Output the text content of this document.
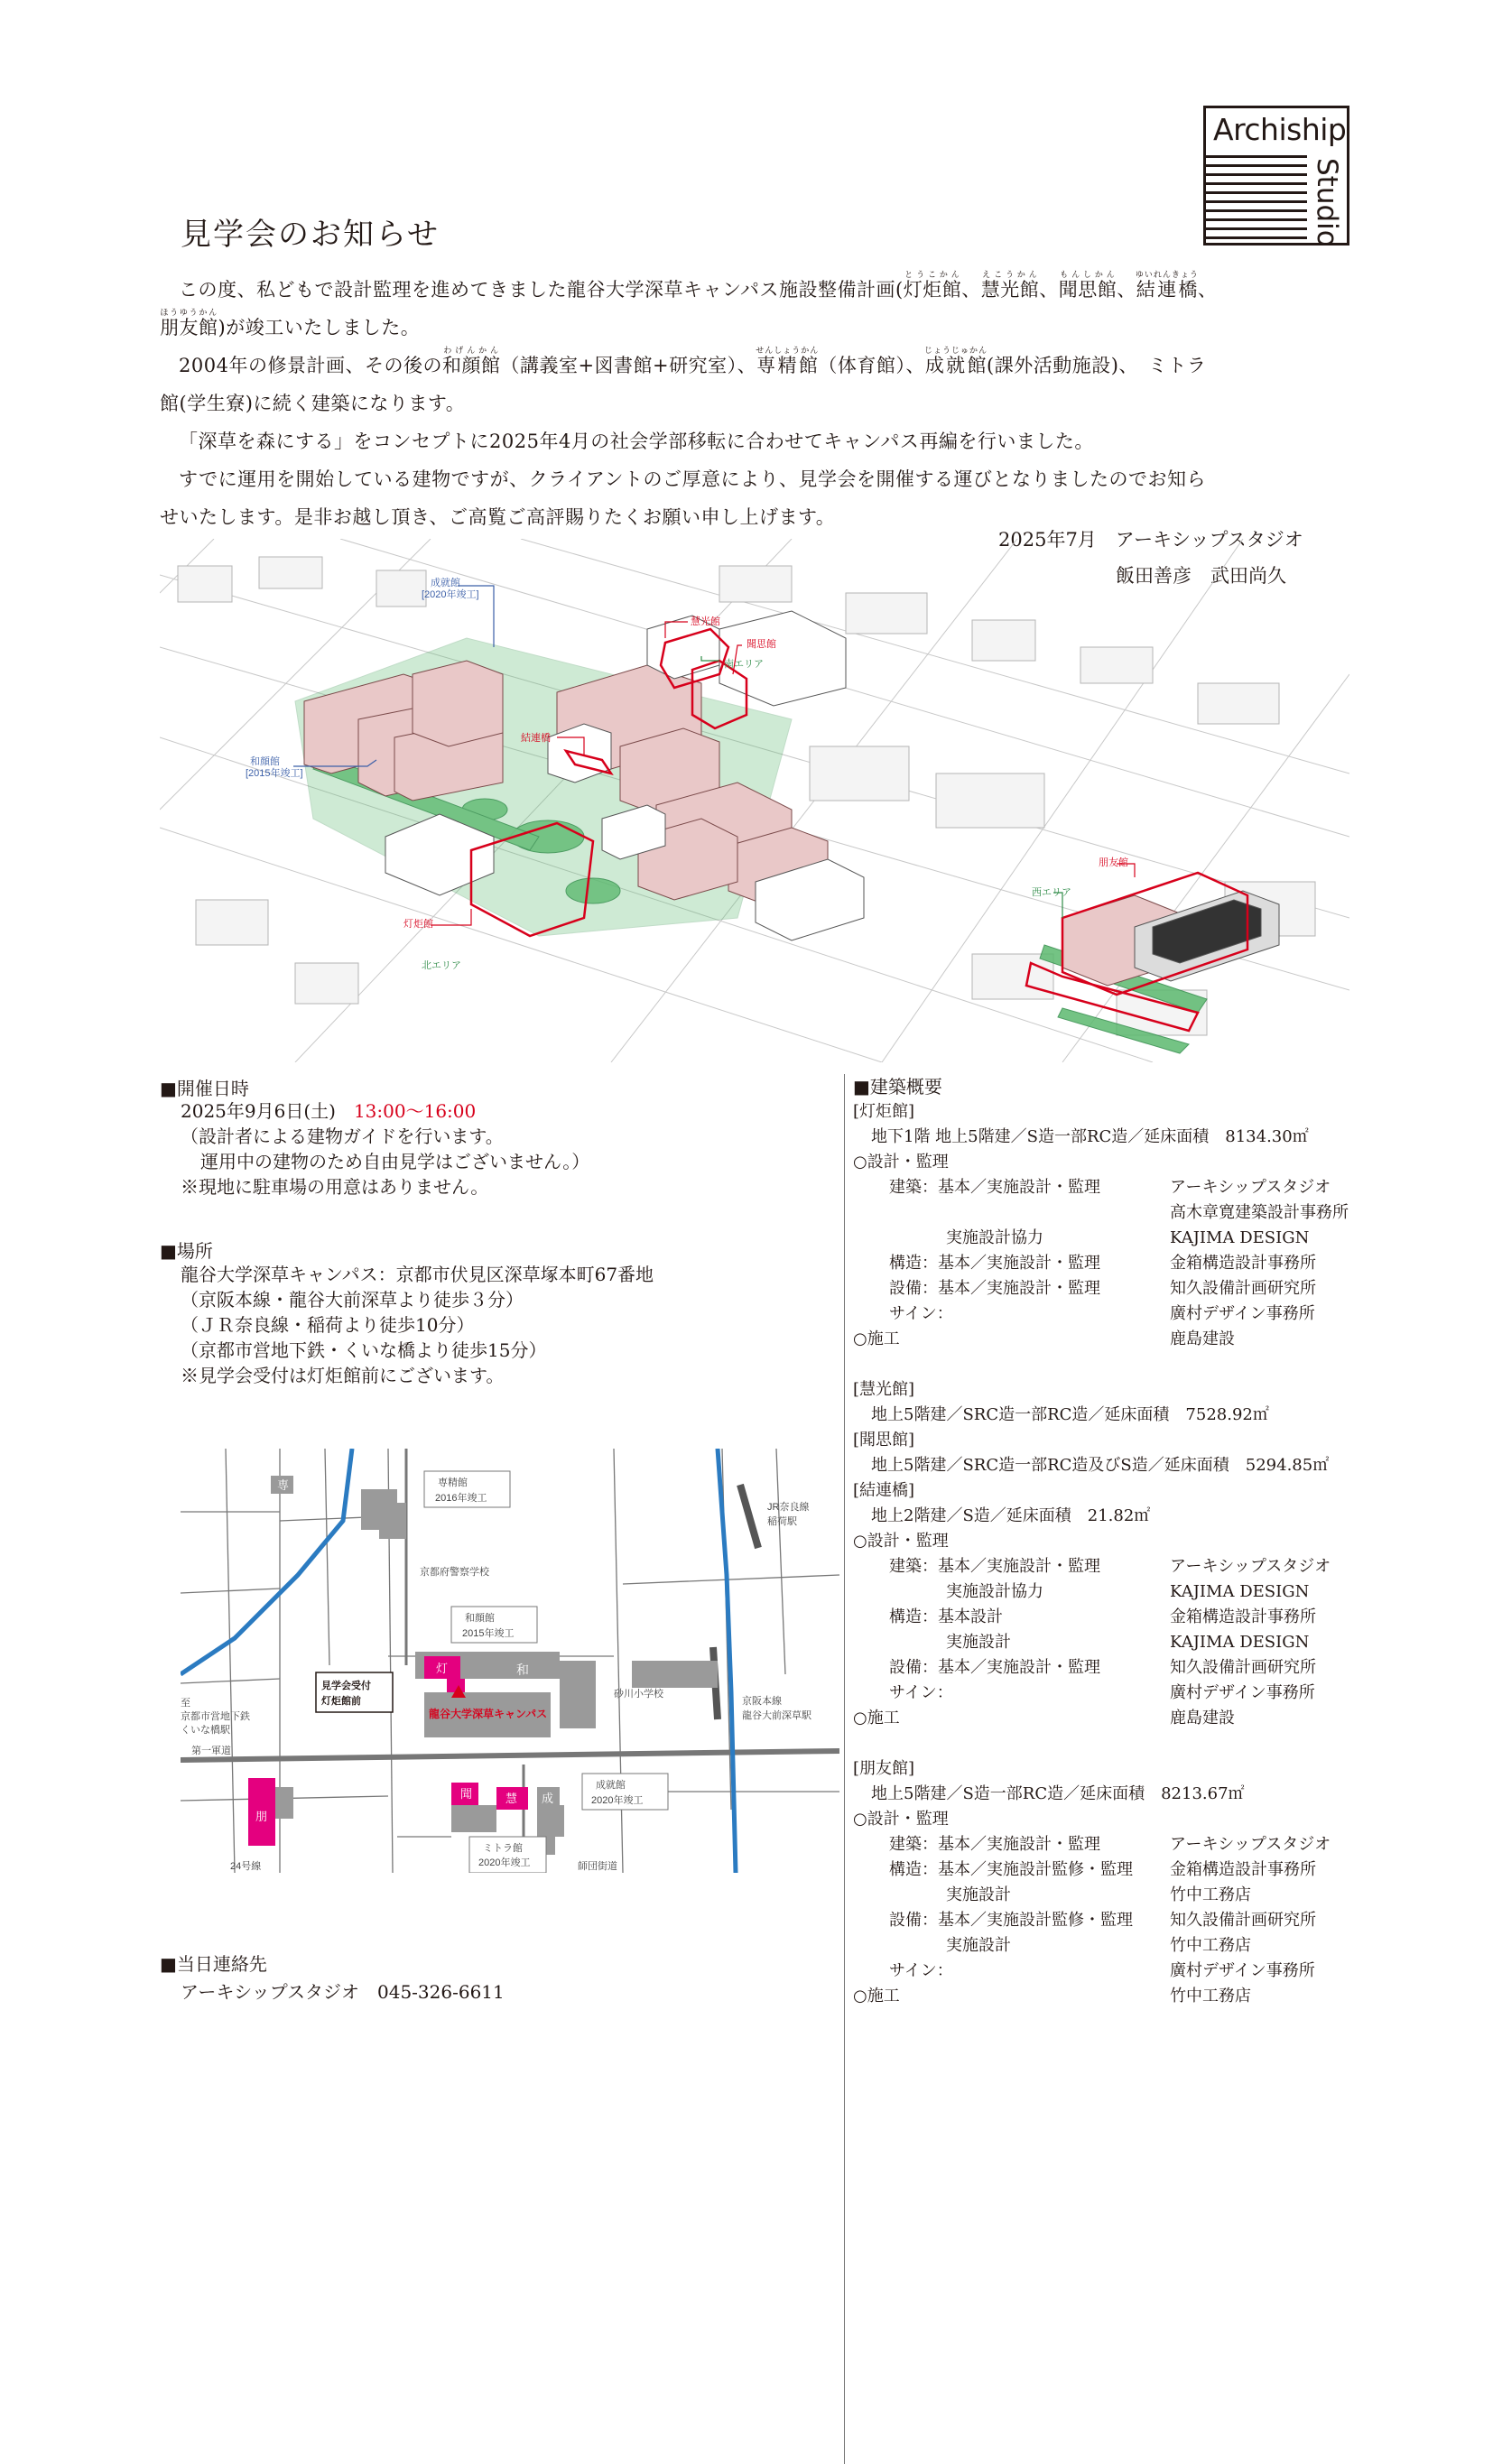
Archiship
Studio
見学会のお知らせ
この度、私どもで設計監理を進めてきました龍谷大学深草キャンパス施設整備計画(灯炬館とうこかん、慧光館えこうかん、聞思館もんしかん、結連橋ゆいれんきょう、
朋友館ほうゆうかん)が竣工いたしました。
2004年の修景計画、その後の和顔館わげんかん（講義室+図書館+研究室）、専精館せんしょうかん（体育館）、成就館じょうじゅかん(課外活動施設)、　ミトラ
館(学生寮)に続く建築になります。
「深草を森にする」をコンセプトに2025年4月の社会学部移転に合わせてキャンパス再編を行いました。
すでに運用を開始している建物ですが、クライアントのご厚意により、見学会を開催する運びとなりましたのでお知ら
せいたします。是非お越し頂き、ご高覧ご高評賜りたくお願い申し上げます。
2025年7月　アーキシップスタジオ
飯田善彦　武田尚久
成就館
[2020年竣工]
慧光館
聞思館
南エリア
結連橋
和顔館
[2015年竣工]
灯炬館
北エリア
朋友館
西エリア
■開催日時
2025年9月6日(土)　 13:00〜16:00
（設計者による建物ガイドを行います。
運用中の建物のため自由見学はございません。）
※現地に駐車場の用意はありません。
■場所
龍谷大学深草キャンパス：京都市伏見区深草塚本町67番地
（京阪本線・龍谷大前深草より徒歩３分）
（ＪＲ奈良線・稲荷より徒歩10分）
（京都市営地下鉄・くいな橋より徒歩15分）
※見学会受付は灯炬館前にございます。
専精館
2016年竣工
専
京都府警察学校
和顔館
2015年竣工
見学会受付
灯炬館前
灯	和
龍谷大学深草キャンパス
砂川小学校
JR奈良線
稲荷駅
京阪本線
龍谷大前深草駅
至
京都市営地下鉄
くいな橋駅
第一軍道
聞	慧 成
成就館
2020年竣工
朋
ミトラ館
2020年竣工
24号線	師団街道
■当日連絡先
アーキシップスタジオ　045-326-6611
■建築概要
[灯炬館]
地下1階 地上5階建／S造一部RC造／延床面積　8134.30㎡
○設計・監理
建築：基本／実施設計・監理	アーキシップスタジオ
高木章寛建築設計事務所
実施設計協力	KAJIMA DESIGN
構造：基本／実施設計・監理	金箱構造設計事務所
設備：基本／実施設計・監理	知久設備計画研究所
サイン：	廣村デザイン事務所
○施工	鹿島建設
[慧光館]
地上5階建／SRC造一部RC造／延床面積　7528.92㎡
[聞思館]
地上5階建／SRC造一部RC造及びS造／延床面積　5294.85㎡
[結連橋]
地上2階建／S造／延床面積　21.82㎡
○設計・監理
建築：基本／実施設計・監理	アーキシップスタジオ
実施設計協力	KAJIMA DESIGN
構造：基本設計	金箱構造設計事務所
実施設計	KAJIMA DESIGN
設備：基本／実施設計・監理	知久設備計画研究所
サイン：	廣村デザイン事務所
○施工	鹿島建設
[朋友館]
地上5階建／S造一部RC造／延床面積　8213.67㎡
○設計・監理
建築：基本／実施設計・監理	アーキシップスタジオ
構造：基本／実施設計監修・監理	金箱構造設計事務所
実施設計	竹中工務店
設備：基本／実施設計監修・監理	知久設備計画研究所
実施設計	竹中工務店
サイン：	廣村デザイン事務所
○施工	竹中工務店
